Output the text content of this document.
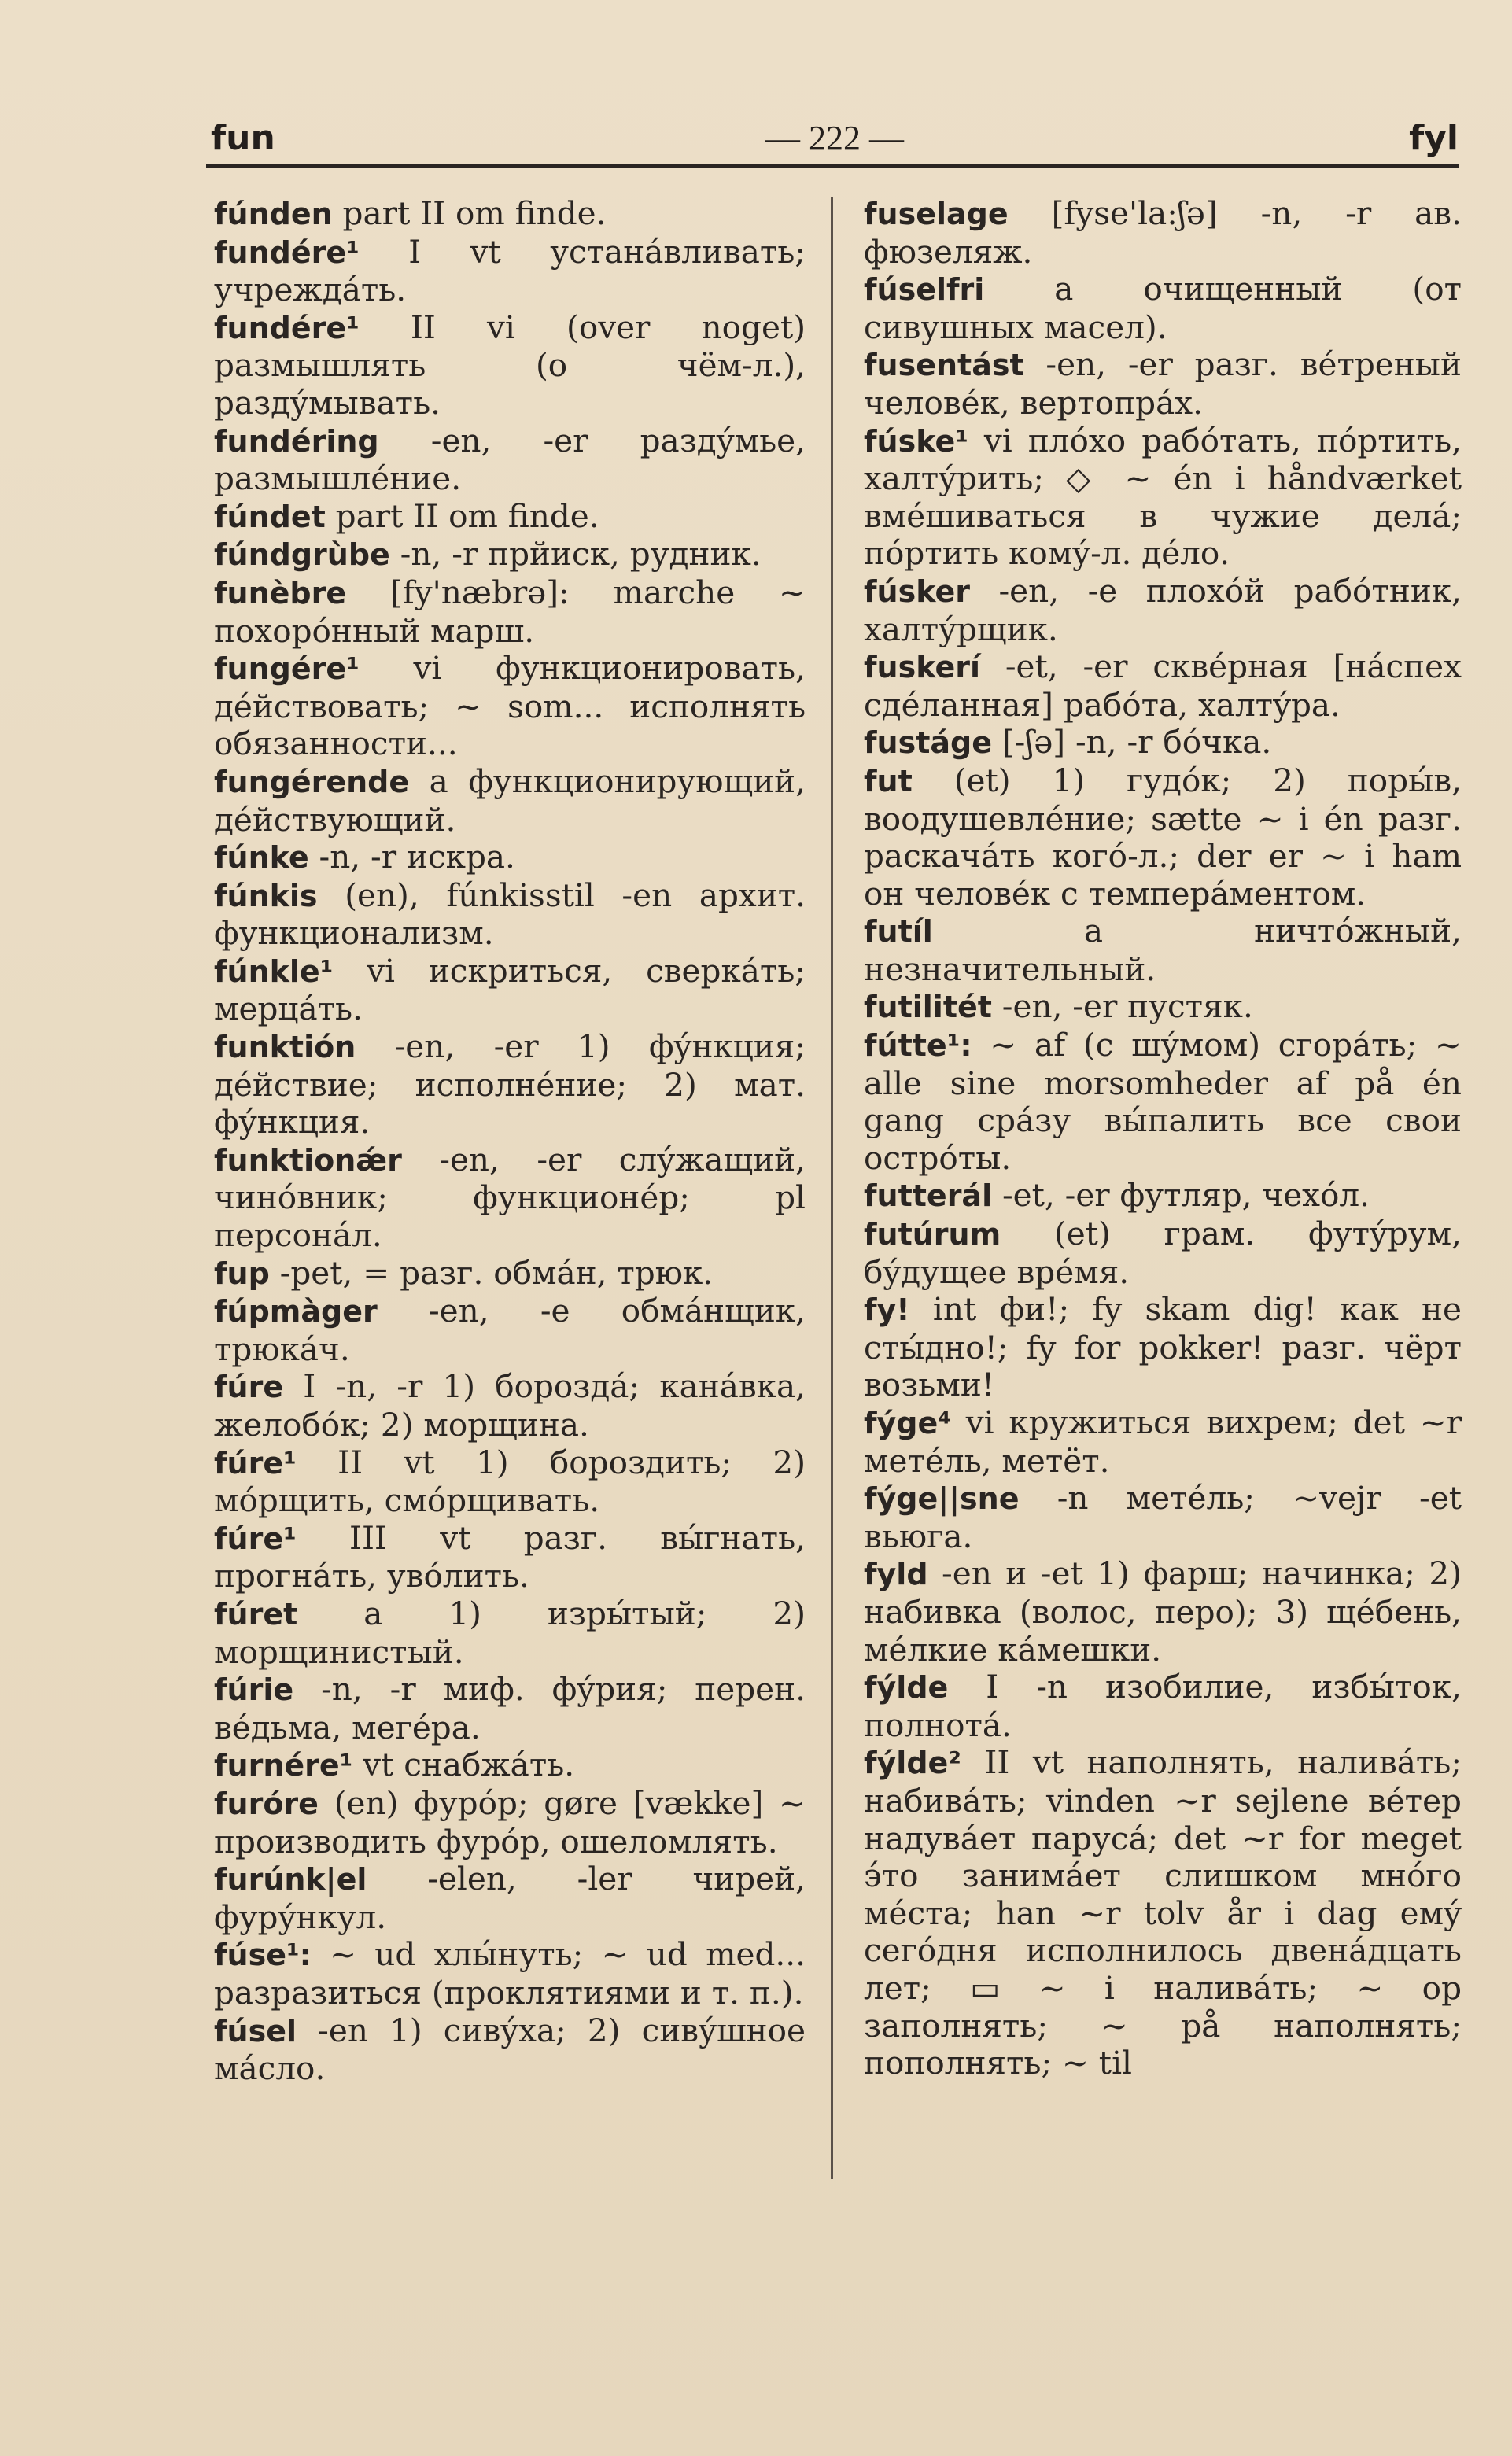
fun	— 222 —	fyl

fúnden part II om finde.

fundére¹ I vt устанáвливать; учреждáть.

fundére¹ II vi (over noget) размышлять (о чём-л.), раздýмывать.

fundéring -en, -er раздýмье, размышлéние.

fúndet part II om finde.

fúndgrùbe -n, -r прйиск, рудник.

funèbre [fy'næbrə]: marche ~ похорóнный марш.

fungére¹ vi функционировать, дéйствовать; ~ som... исполнять обязанности...

fungérende a функционирующий, дéйствующий.

fúnke -n, -r искра.

fúnkis (en), fúnkisstil -en архит. функционализм.

fúnkle¹ vi искриться, сверкáть; мерцáть.

funktión -en, -er 1) фýнкция; дéйствие; исполнéние; 2) мат. фýнкция.

funktionǽr -en, -er слýжащий, чинóвник; функционéр; pl персонáл.

fup -pet, = разг. обмáн, трюк.

fúpmàger -en, -e обмáнщик, трюкáч.

fúre I -n, -r 1) бороздá; канáвка, желобóк; 2) морщина.

fúre¹ II vt 1) бороздить; 2) мóрщить, смóрщивать.

fúre¹ III vt разг. вы́гнать, прогнáть, увóлить.

fúret a 1) изры́тый; 2) морщинистый.

fúrie -n, -r миф. фýрия; перен. вéдьма, мегéра.

furnére¹ vt снабжáть.

furóre (en) фурóр; gøre [vække] ~ производить фурóр, ошеломлять.

furúnk|el -elen, -ler чирей, фурýнкул.

fúse¹: ~ ud хлы́нуть; ~ ud med... разразиться (проклятиями и т. п.).

fúsel -en 1) сивýха; 2) сивýшное мáсло.

fuselage [fyse'la:ʃə] -n, -r ав. фюзеляж.

fúselfri a очищенный (от сивушных масел).

fusentást -en, -er разг. вéтреный человéк, вертопрáх.

fúske¹ vi плóхо рабóтать, пóртить, халтýрить; ◇ ~ én i håndværket вмéшиваться в чужие делá; пóртить комý-л. дéло.

fúsker -en, -e плохóй рабóтник, халтýрщик.

fuskerí -et, -er сквéрная [нáспех сдéланная] рабóта, халтýра.

fustáge [-ʃə] -n, -r бóчка.

fut (et) 1) гудóк; 2) поры́в, воодушевлéние; sætte ~ i én разг. раскачáть когó-л.; der er ~ i ham он человéк с темперáментом.

futíl a ничтóжный, незначительный.

futilitét -en, -er пустяк.

fútte¹: ~ af (с шýмом) сгорáть; ~ alle sine morsomheder af på én gang срáзу вы́палить все свои острóты.

futterál -et, -er футляр, чехóл.

futúrum (et) грам. футýрум, бýдущее врéмя.

fy! int фи!; fy skam dig! как не сты́дно!; fy for pokker! разг. чёрт возьми!

fýge⁴ vi кружиться вихрем; det ~r метéль, метёт.

fýge||sne -n метéль; ~vejr -et вьюга.

fyld -en и -et 1) фарш; начинка; 2) набивка (волос, перо); 3) щéбень, мéлкие кáмешки.

fýlde I -n изобилие, избы́ток, полнотá.

fýlde² II vt наполнять, наливáть; набивáть; vinden ~r sejlene вéтер надувáет парусá; det ~r for meget э́то занимáет слишком мнóго мéста; han ~r tolv år i dag емý сегóдня исполнилось двенáдцать лет; ▭ ~ i наливáть; ~ op заполнять; ~ på наполнять; пополнять; ~ til
